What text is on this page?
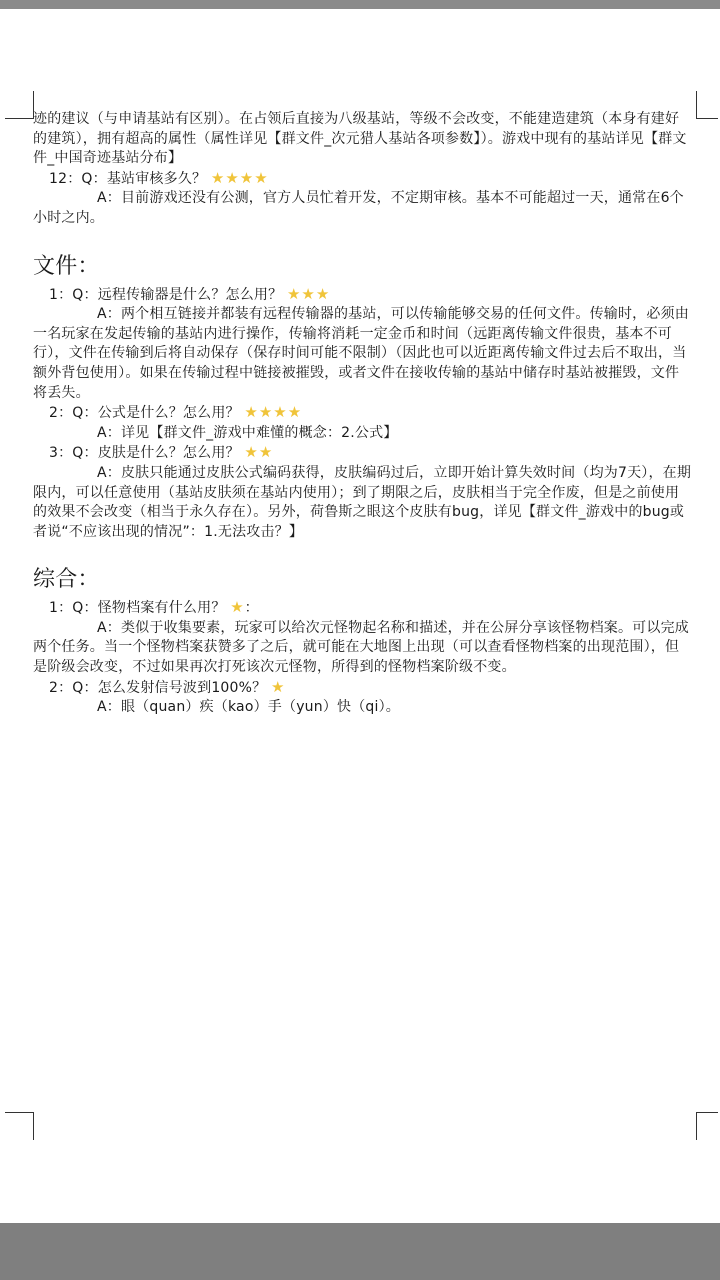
迹的建议（与申请基站有区别）。在占领后直接为八级基站，等级不会改变，不能建造建筑（本身有建好的建筑），拥有超高的属性（属性详见【群文件_次元猎人基站各项参数】）。游戏中现有的基站详见【群文件_中国奇迹基站分布】

12：Q：基站审核多久？ ★★★★

A：目前游戏还没有公测，官方人员忙着开发，不定期审核。基本不可能超过一天，通常在6个小时之内。

文件：

1：Q：远程传输器是什么？怎么用？ ★★★

A：两个相互链接并都装有远程传输器的基站，可以传输能够交易的任何文件。传输时，必须由一名玩家在发起传输的基站内进行操作，传输将消耗一定金币和时间（远距离传输文件很贵，基本不可行），文件在传输到后将自动保存（保存时间可能不限制）（因此也可以近距离传输文件过去后不取出，当额外背包使用）。如果在传输过程中链接被摧毁，或者文件在接收传输的基站中储存时基站被摧毁，文件将丢失。

2：Q：公式是什么？怎么用？ ★★★★

A：详见【群文件_游戏中难懂的概念：2.公式】

3：Q：皮肤是什么？怎么用？ ★★

A：皮肤只能通过皮肤公式编码获得，皮肤编码过后，立即开始计算失效时间（均为7天），在期限内，可以任意使用（基站皮肤须在基站内使用）；到了期限之后，皮肤相当于完全作废，但是之前使用的效果不会改变（相当于永久存在）。另外，荷鲁斯之眼这个皮肤有bug，详见【群文件_游戏中的bug或者说“不应该出现的情况”：1.无法攻击？】

综合：

1：Q：怪物档案有什么用？ ★：

A：类似于收集要素，玩家可以给次元怪物起名称和描述，并在公屏分享该怪物档案。可以完成两个任务。当一个怪物档案获赞多了之后，就可能在大地图上出现（可以查看怪物档案的出现范围），但是阶级会改变，不过如果再次打死该次元怪物，所得到的怪物档案阶级不变。

2：Q：怎么发射信号波到100%？ ★

A：眼（quan）疾（kao）手（yun）快（qi）。
